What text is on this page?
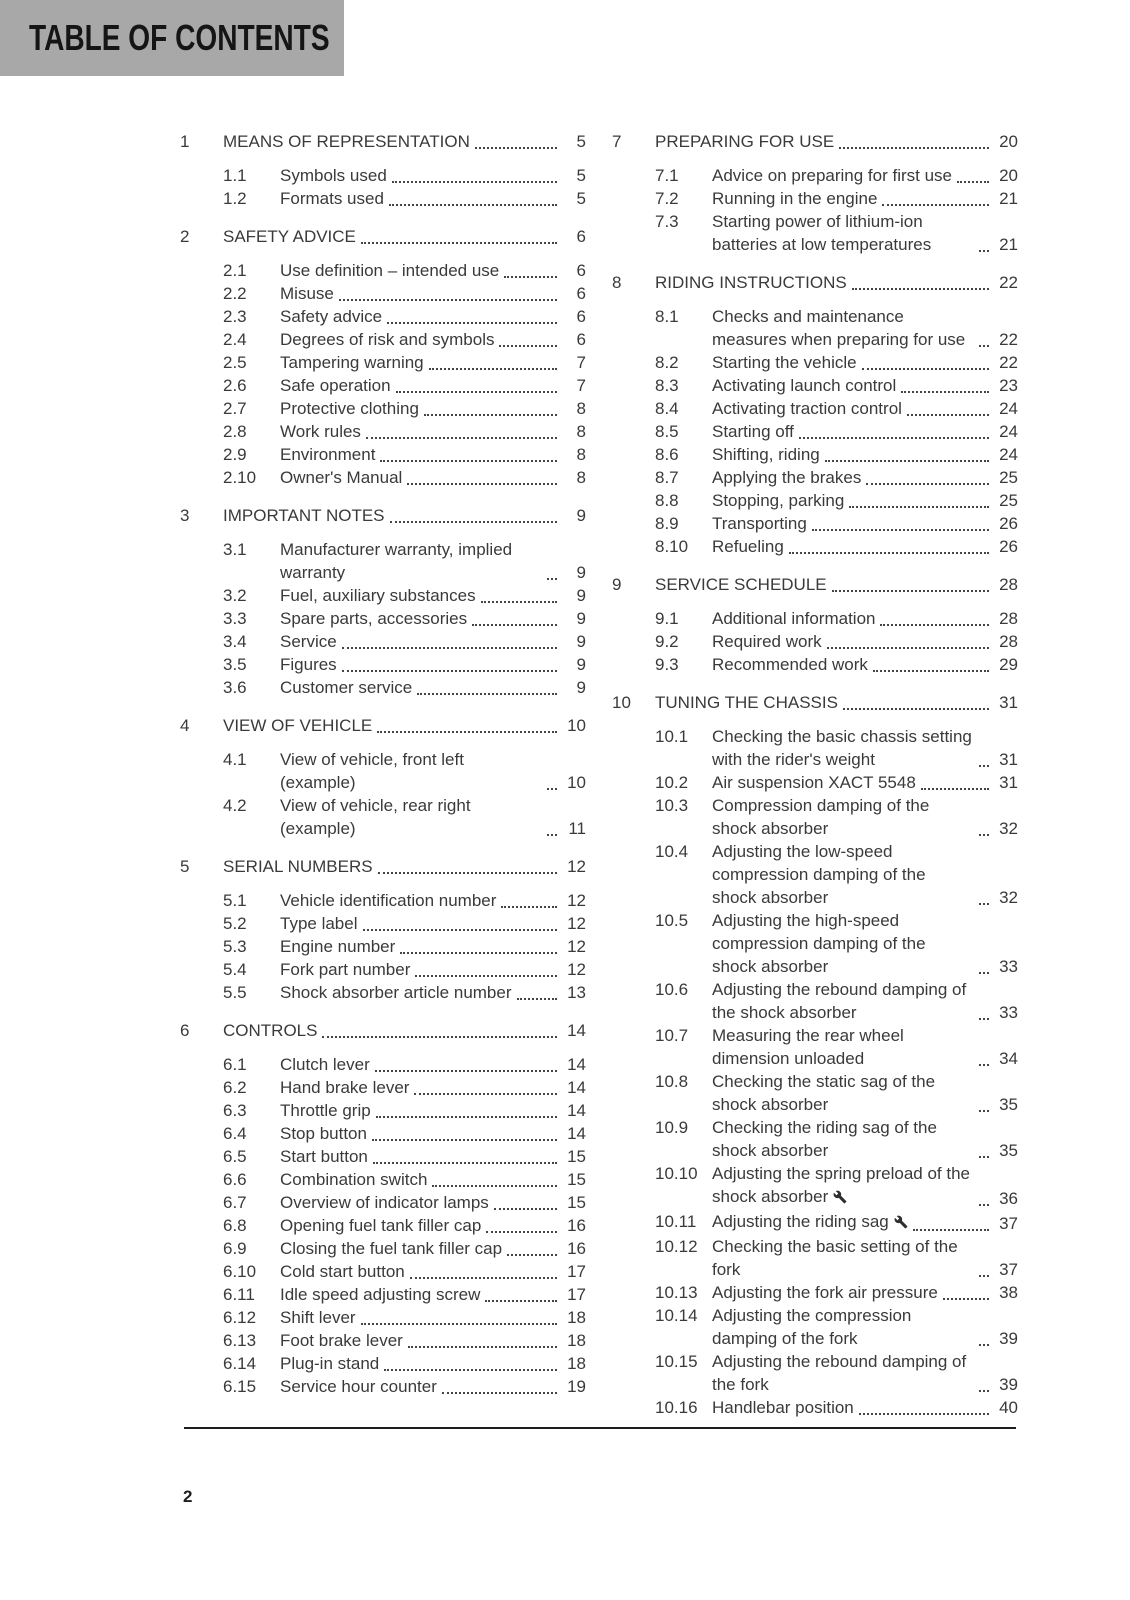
TABLE OF CONTENTS
1	MEANS OF REPRESENTATION	5
1.1	Symbols used	5
1.2	Formats used	5
2	SAFETY ADVICE	6
2.1	Use definition – intended use	6
2.2	Misuse	6
2.3	Safety advice	6
2.4	Degrees of risk and symbols	6
2.5	Tampering warning	7
2.6	Safe operation	7
2.7	Protective clothing	8
2.8	Work rules	8
2.9	Environment	8
2.10	Owner's Manual	8
3	IMPORTANT NOTES	9
3.1	Manufacturer warranty, implied warranty	9
3.2	Fuel, auxiliary substances	9
3.3	Spare parts, accessories	9
3.4	Service	9
3.5	Figures	9
3.6	Customer service	9
4	VIEW OF VEHICLE	10
4.1	View of vehicle, front left (example)	10
4.2	View of vehicle, rear right (example)	11
5	SERIAL NUMBERS	12
5.1	Vehicle identification number	12
5.2	Type label	12
5.3	Engine number	12
5.4	Fork part number	12
5.5	Shock absorber article number	13
6	CONTROLS	14
6.1	Clutch lever	14
6.2	Hand brake lever	14
6.3	Throttle grip	14
6.4	Stop button	14
6.5	Start button	15
6.6	Combination switch	15
6.7	Overview of indicator lamps	15
6.8	Opening fuel tank filler cap	16
6.9	Closing the fuel tank filler cap	16
6.10	Cold start button	17
6.11	Idle speed adjusting screw	17
6.12	Shift lever	18
6.13	Foot brake lever	18
6.14	Plug-in stand	18
6.15	Service hour counter	19
7	PREPARING FOR USE	20
7.1	Advice on preparing for first use	20
7.2	Running in the engine	21
7.3	Starting power of lithium-ion batteries at low temperatures	21
8	RIDING INSTRUCTIONS	22
8.1	Checks and maintenance measures when preparing for use	22
8.2	Starting the vehicle	22
8.3	Activating launch control	23
8.4	Activating traction control	24
8.5	Starting off	24
8.6	Shifting, riding	24
8.7	Applying the brakes	25
8.8	Stopping, parking	25
8.9	Transporting	26
8.10	Refueling	26
9	SERVICE SCHEDULE	28
9.1	Additional information	28
9.2	Required work	28
9.3	Recommended work	29
10	TUNING THE CHASSIS	31
10.1	Checking the basic chassis setting with the rider's weight	31
10.2	Air suspension XACT 5548	31
10.3	Compression damping of the shock absorber	32
10.4	Adjusting the low-speed compression damping of the shock absorber	32
10.5	Adjusting the high-speed compression damping of the shock absorber	33
10.6	Adjusting the rebound damping of the shock absorber	33
10.7	Measuring the rear wheel dimension unloaded	34
10.8	Checking the static sag of the shock absorber	35
10.9	Checking the riding sag of the shock absorber	35
10.10 Adjusting the spring preload of the shock absorber	36
10.11 Adjusting the riding sag	37
10.12 Checking the basic setting of the fork	37
10.13 Adjusting the fork air pressure	38
10.14 Adjusting the compression damping of the fork	39
10.15 Adjusting the rebound damping of the fork	39
10.16 Handlebar position	40
2
